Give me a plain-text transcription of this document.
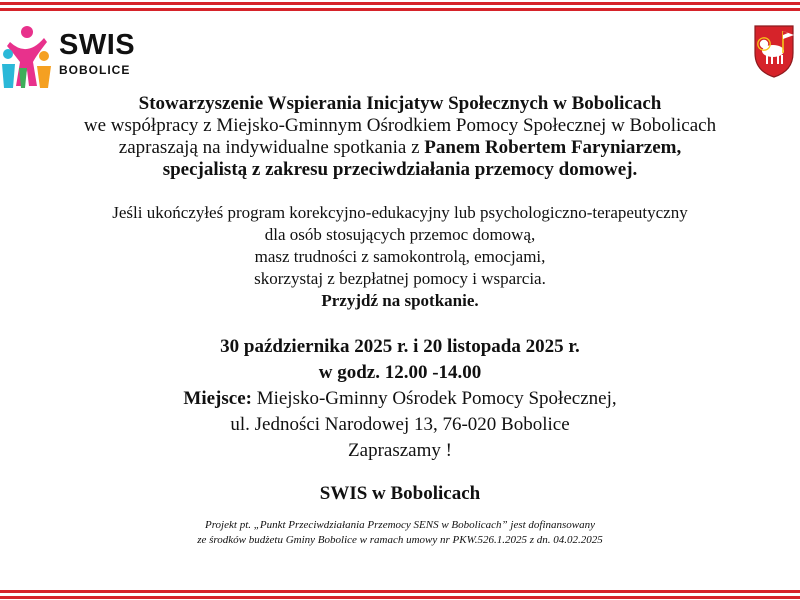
SWIS
BOBOLICE

Stowarzyszenie Wspierania Inicjatyw Społecznych w Bobolicach

we współpracy z Miejsko-Gminnym Ośrodkiem Pomocy Społecznej w Bobolicach

zapraszają na indywidualne spotkania z Panem Robertem Faryniarzem,

specjalistą z zakresu przeciwdziałania przemocy domowej.

Jeśli ukończyłeś program korekcyjno-edukacyjny lub psychologiczno-terapeutyczny

dla osób stosujących przemoc domową,

masz trudności z samokontrolą, emocjami,

skorzystaj z bezpłatnej pomocy i wsparcia.

Przyjdź na spotkanie.

30 października 2025 r. i 20 listopada 2025 r.

w godz. 12.00 -14.00

Miejsce: Miejsko-Gminny Ośrodek Pomocy Społecznej,

ul. Jedności Narodowej 13, 76-020 Bobolice

Zapraszamy !

SWIS w Bobolicach

Projekt pt. „Punkt Przeciwdziałania Przemocy SENS w Bobolicach” jest dofinansowany

ze środków budżetu Gminy Bobolice w ramach umowy nr PKW.526.1.2025 z dn. 04.02.2025
